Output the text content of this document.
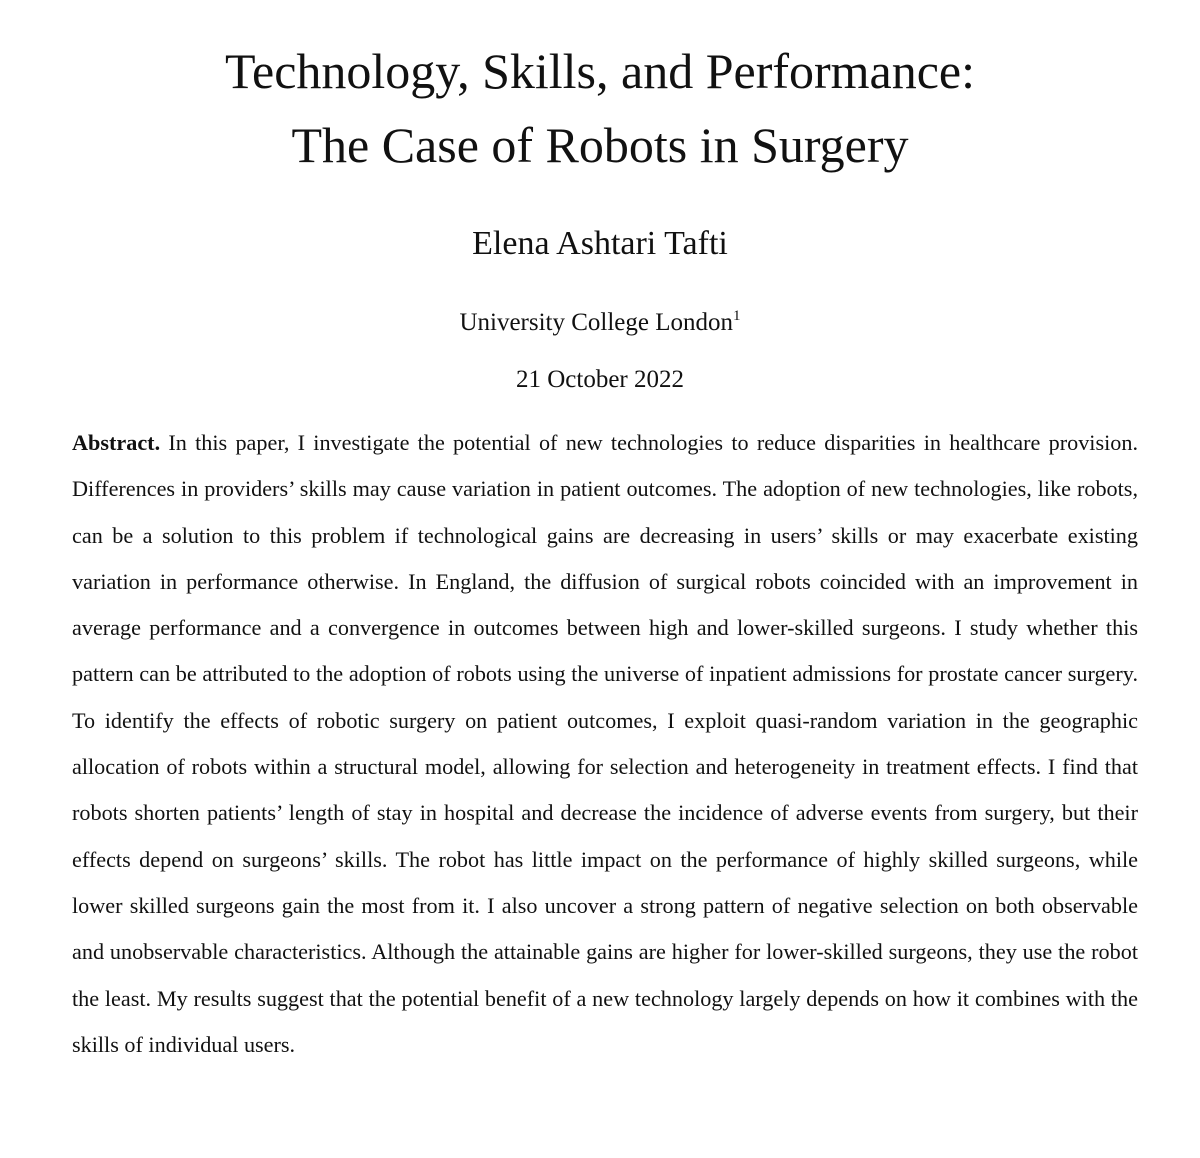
Technology, Skills, and Performance:
The Case of Robots in Surgery
Elena Ashtari Tafti
University College London$^1$
21 October 2022

Abstract. In this paper, I investigate the potential of new technologies to reduce disparities in healthcare provision. Differences in providers’ skills may cause variation in patient outcomes. The adoption of new technologies, like robots, can be a solution to this problem if technological gains are decreasing in users’ skills or may exacerbate existing variation in performance otherwise. In England, the diffusion of surgical robots coincided with an improvement in average performance and a convergence in outcomes between high and lower-skilled surgeons. I study whether this pattern can be attributed to the adoption of robots using the universe of inpatient admissions for prostate cancer surgery. To identify the effects of robotic surgery on patient outcomes, I exploit quasi-random variation in the geographic allocation of robots within a structural model, allowing for selection and heterogeneity in treatment effects. I find that robots shorten patients’ length of stay in hospital and decrease the incidence of adverse events from surgery, but their effects depend on surgeons’ skills. The robot has little impact on the performance of highly skilled surgeons, while lower skilled surgeons gain the most from it. I also uncover a strong pattern of negative selection on both observable and unobservable characteristics. Although the attainable gains are higher for lower-skilled surgeons, they use the robot the least. My results suggest that the potential benefit of a new technology largely depends on how it combines with the skills of individual users.
